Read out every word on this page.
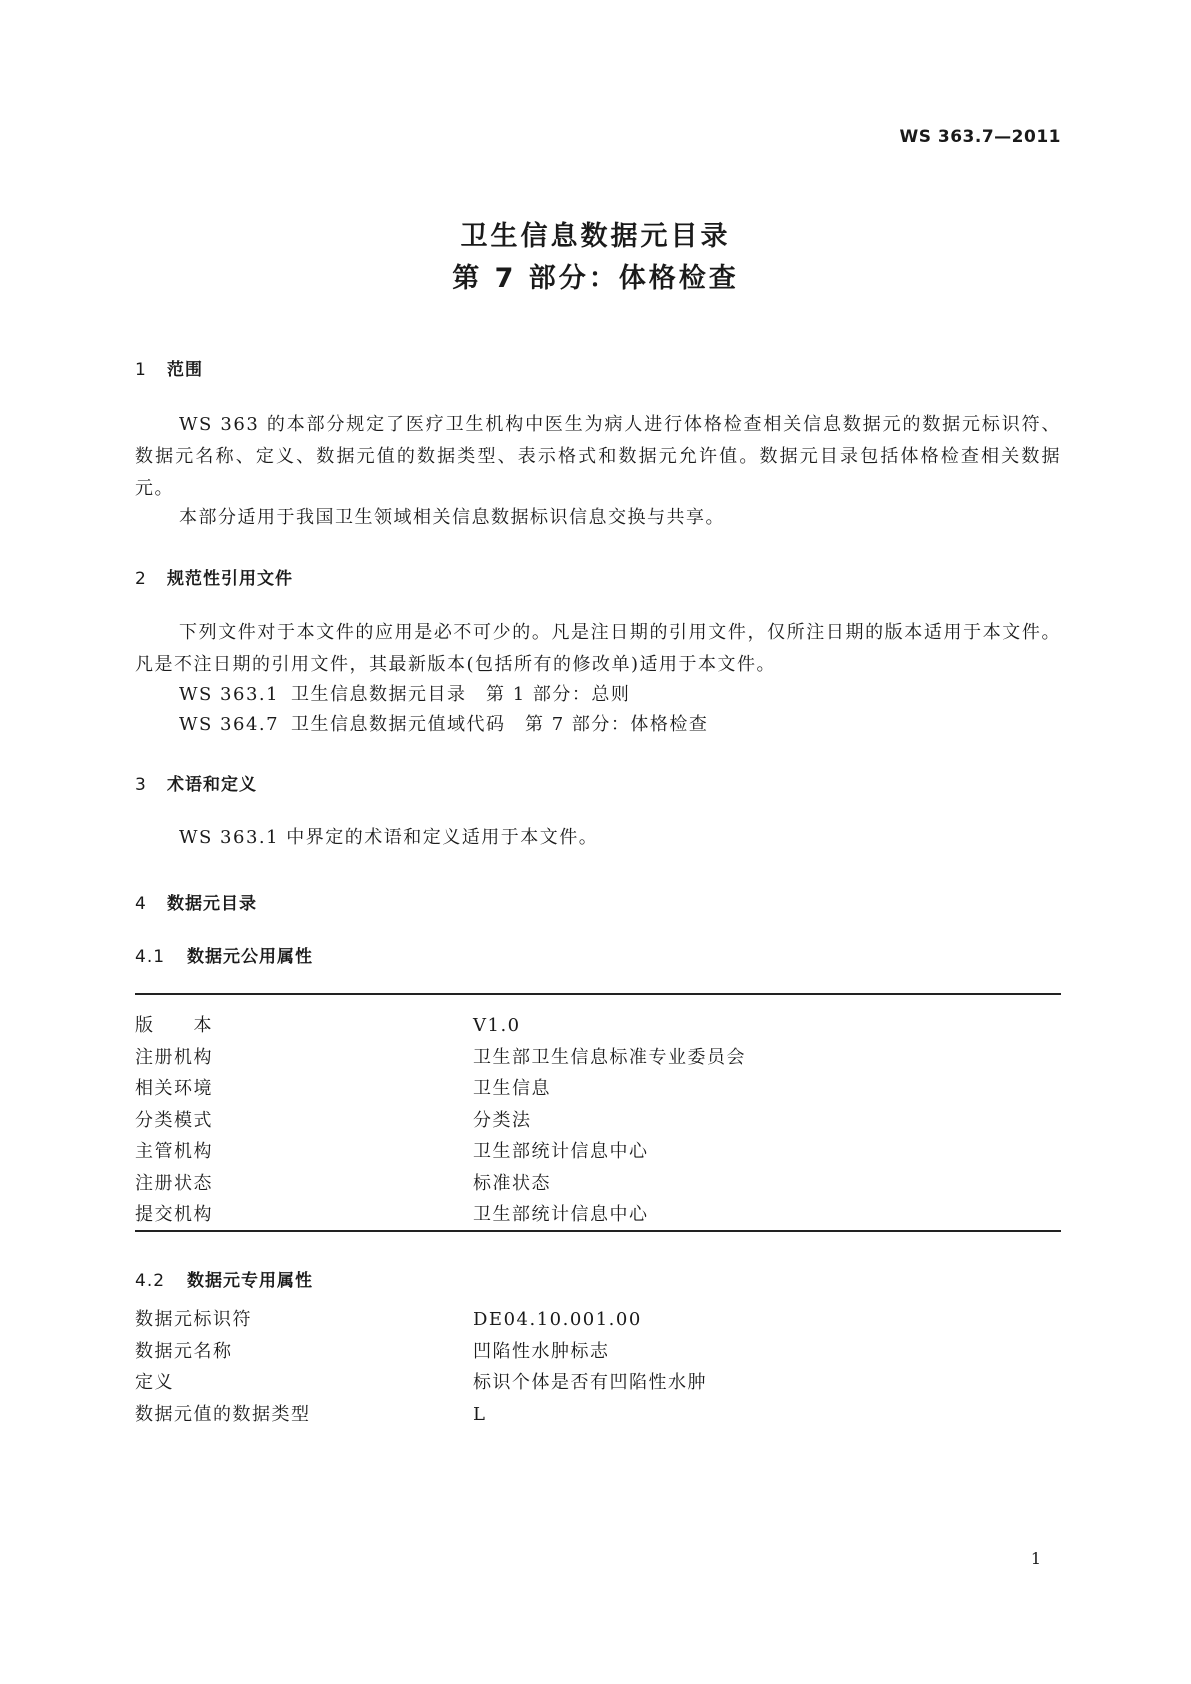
WS 363.7—2011
卫生信息数据元目录
第 7 部分：体格检查
1 范围
WS 363 的本部分规定了医疗卫生机构中医生为病人进行体格检查相关信息数据元的数据元标识符、数据元名称、定义、数据元值的数据类型、表示格式和数据元允许值。数据元目录包括体格检查相关数据元。
本部分适用于我国卫生领域相关信息数据标识信息交换与共享。
2 规范性引用文件
下列文件对于本文件的应用是必不可少的。凡是注日期的引用文件，仅所注日期的版本适用于本文件。凡是不注日期的引用文件，其最新版本(包括所有的修改单)适用于本文件。
WS 363.1 卫生信息数据元目录　第 1 部分：总则
WS 364.7 卫生信息数据元值域代码　第 7 部分：体格检查
3 术语和定义
WS 363.1 中界定的术语和定义适用于本文件。
4 数据元目录
4.1 数据元公用属性
版　　本	V1.0
注册机构	卫生部卫生信息标准专业委员会
相关环境	卫生信息
分类模式	分类法
主管机构	卫生部统计信息中心
注册状态	标准状态
提交机构	卫生部统计信息中心
4.2 数据元专用属性
数据元标识符	DE04.10.001.00
数据元名称	凹陷性水肿标志
定义	标识个体是否有凹陷性水肿
数据元值的数据类型	L
1
